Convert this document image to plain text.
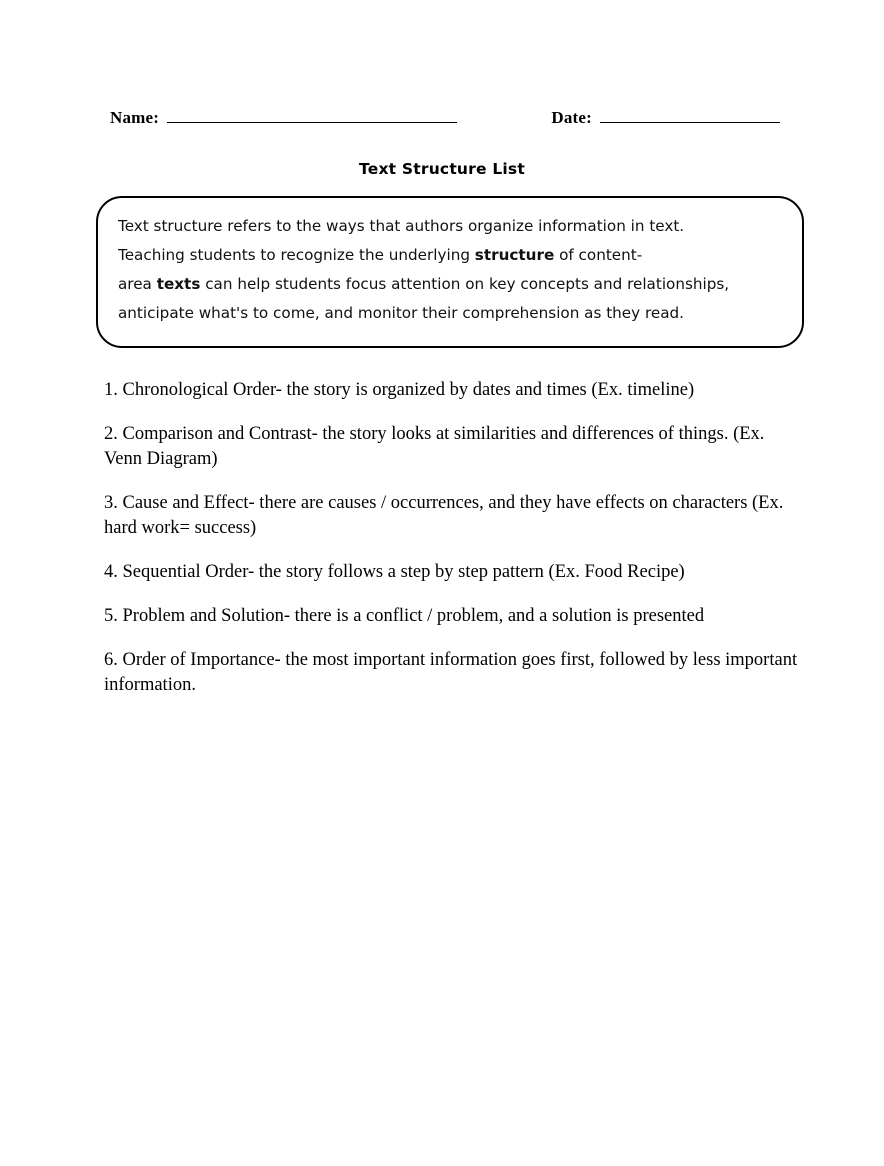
Name:	Date:
Text Structure List
Text structure refers to the ways that authors organize information in text.
Teaching students to recognize the underlying structure of content-
area texts can help students focus attention on key concepts and relationships,
anticipate what's to come, and monitor their comprehension as they read.
1. Chronological Order- the story is organized by dates and times (Ex. timeline)
2. Comparison and Contrast- the story looks at similarities and differences of things. (Ex. Venn Diagram)
3. Cause and Effect- there are causes / occurrences, and they have effects on characters (Ex. hard work= success)
4. Sequential Order- the story follows a step by step pattern (Ex. Food Recipe)
5. Problem and Solution- there is a conflict / problem, and a solution is presented
6. Order of Importance- the most important information goes first, followed by less important information.
